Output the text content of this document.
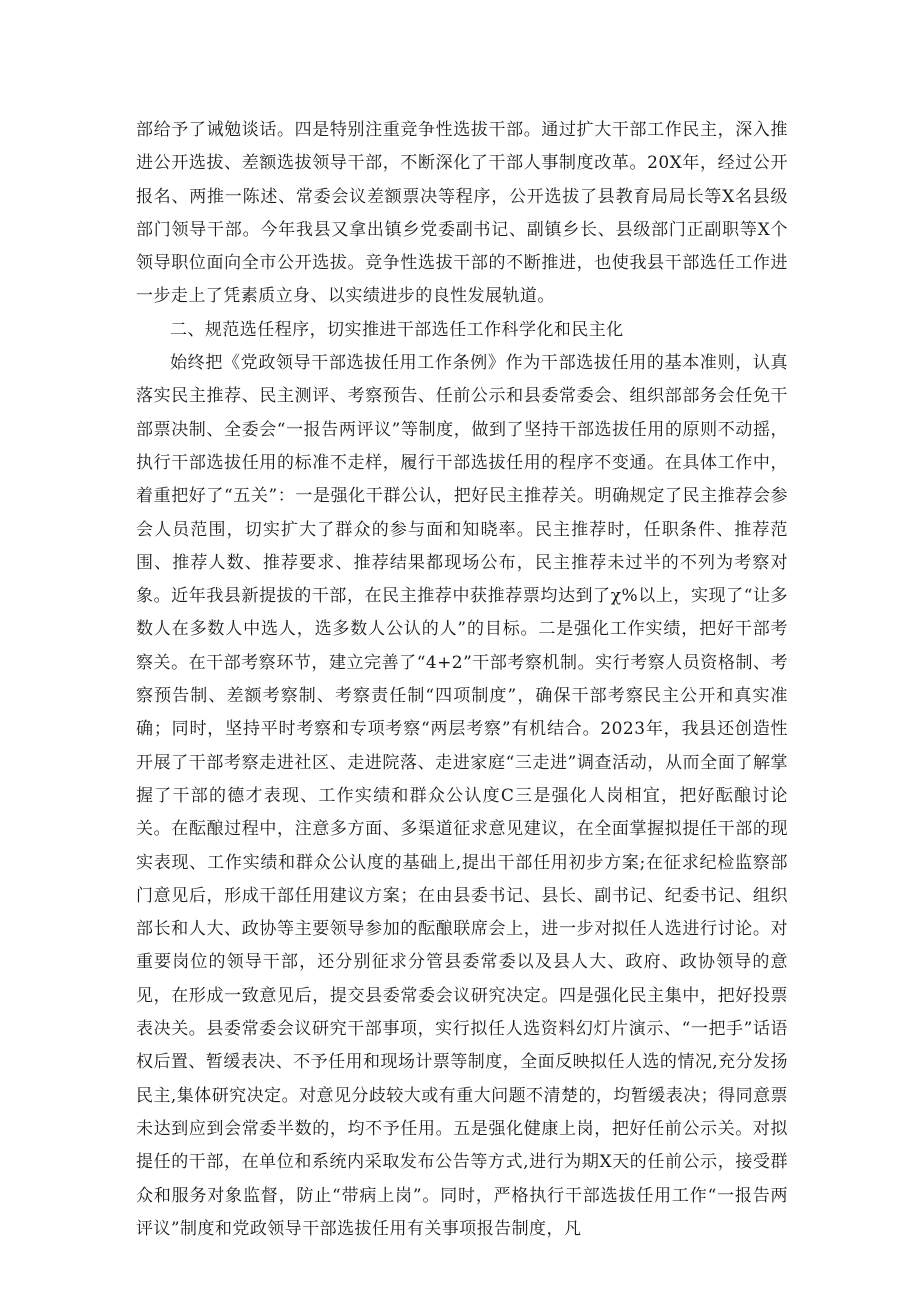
部给予了诫勉谈话。四是特别注重竞争性选拔干部。通过扩大干部工作民主，深入推进公开选拔、差额选拔领导干部，不断深化了干部人事制度改革。20X年，经过公开报名、两推一陈述、常委会议差额票决等程序，公开选拔了县教育局局长等X名县级部门领导干部。今年我县又拿出镇乡党委副书记、副镇乡长、县级部门正副职等X个领导职位面向全市公开选拔。竞争性选拔干部的不断推进，也使我县干部选任工作进一步走上了凭素质立身、以实绩进步的良性发展轨道。

二、规范选任程序，切实推进干部选任工作科学化和民主化

始终把《党政领导干部选拔任用工作条例》作为干部选拔任用的基本准则，认真落实民主推荐、民主测评、考察预告、任前公示和县委常委会、组织部部务会任免干部票决制、全委会“一报告两评议”等制度，做到了坚持干部选拔任用的原则不动摇，执行干部选拔任用的标准不走样，履行干部选拔任用的程序不变通。在具体工作中，着重把好了“五关”：一是强化干群公认，把好民主推荐关。明确规定了民主推荐会参会人员范围，切实扩大了群众的参与面和知晓率。民主推荐时，任职条件、推荐范围、推荐人数、推荐要求、推荐结果都现场公布，民主推荐未过半的不列为考察对象。近年我县新提拔的干部，在民主推荐中获推荐票均达到了χ%以上，实现了“让多数人在多数人中选人，选多数人公认的人”的目标。二是强化工作实绩，把好干部考察关。在干部考察环节，建立完善了“4+2”干部考察机制。实行考察人员资格制、考察预告制、差额考察制、考察责任制“四项制度”，确保干部考察民主公开和真实准确；同时，坚持平时考察和专项考察“两层考察”有机结合。2023年，我县还创造性开展了干部考察走进社区、走进院落、走进家庭“三走进”调查活动，从而全面了解掌握了干部的德才表现、工作实绩和群众公认度C三是强化人岗相宜，把好酝酿讨论关。在酝酿过程中，注意多方面、多渠道征求意见建议，在全面掌握拟提任干部的现实表现、工作实绩和群众公认度的基础上,提出干部任用初步方案;在征求纪检监察部门意见后，形成干部任用建议方案；在由县委书记、县长、副书记、纪委书记、组织部长和人大、政协等主要领导参加的酝酿联席会上，进一步对拟任人选进行讨论。对重要岗位的领导干部，还分别征求分管县委常委以及县人大、政府、政协领导的意见，在形成一致意见后，提交县委常委会议研究决定。四是强化民主集中，把好投票表决关。县委常委会议研究干部事项，实行拟任人选资料幻灯片演示、“一把手”话语权后置、暂缓表决、不予任用和现场计票等制度，全面反映拟任人选的情况,充分发扬民主,集体研究决定。对意见分歧较大或有重大问题不清楚的，均暂缓表决；得同意票未达到应到会常委半数的，均不予任用。五是强化健康上岗，把好任前公示关。对拟提任的干部，在单位和系统内采取发布公告等方式,进行为期X天的任前公示，接受群众和服务对象监督，防止“带病上岗”。同时，严格执行干部选拔任用工作“一报告两评议”制度和党政领导干部选拔任用有关事项报告制度，凡
